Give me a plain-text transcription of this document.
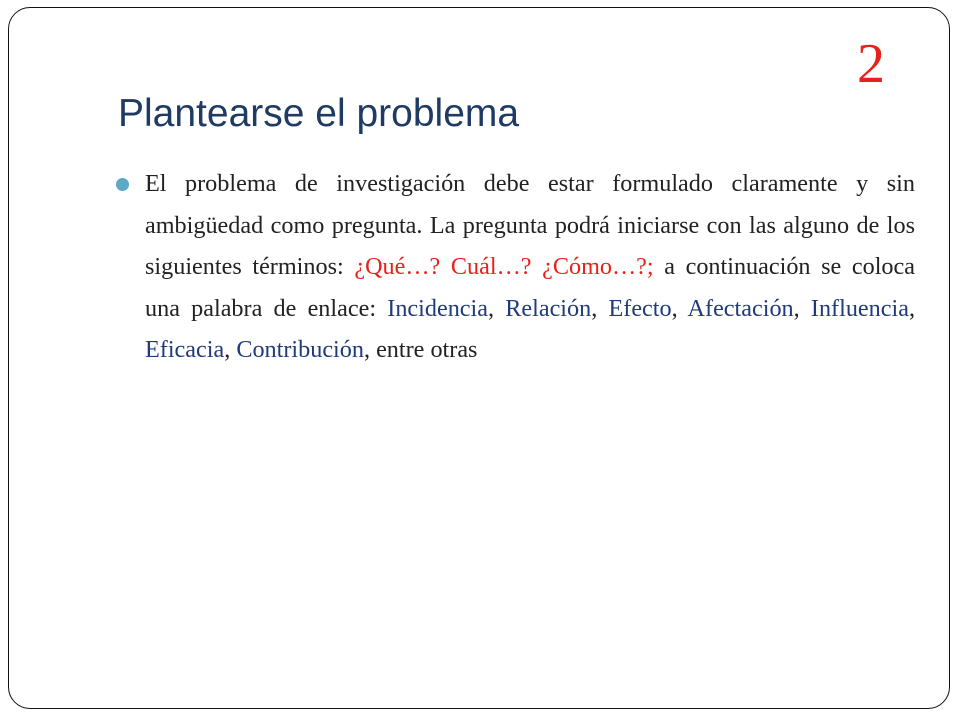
2
Plantearse el problema

El problema de investigación debe estar formulado claramente y sin ambigüedad como pregunta. La pregunta podrá iniciarse con las alguno de los siguientes términos: ¿Qué…? Cuál…? ¿Cómo…?; a continuación se coloca una palabra de enlace: Incidencia, Relación, Efecto, Afectación, Influencia, Eficacia, Contribución, entre otras
